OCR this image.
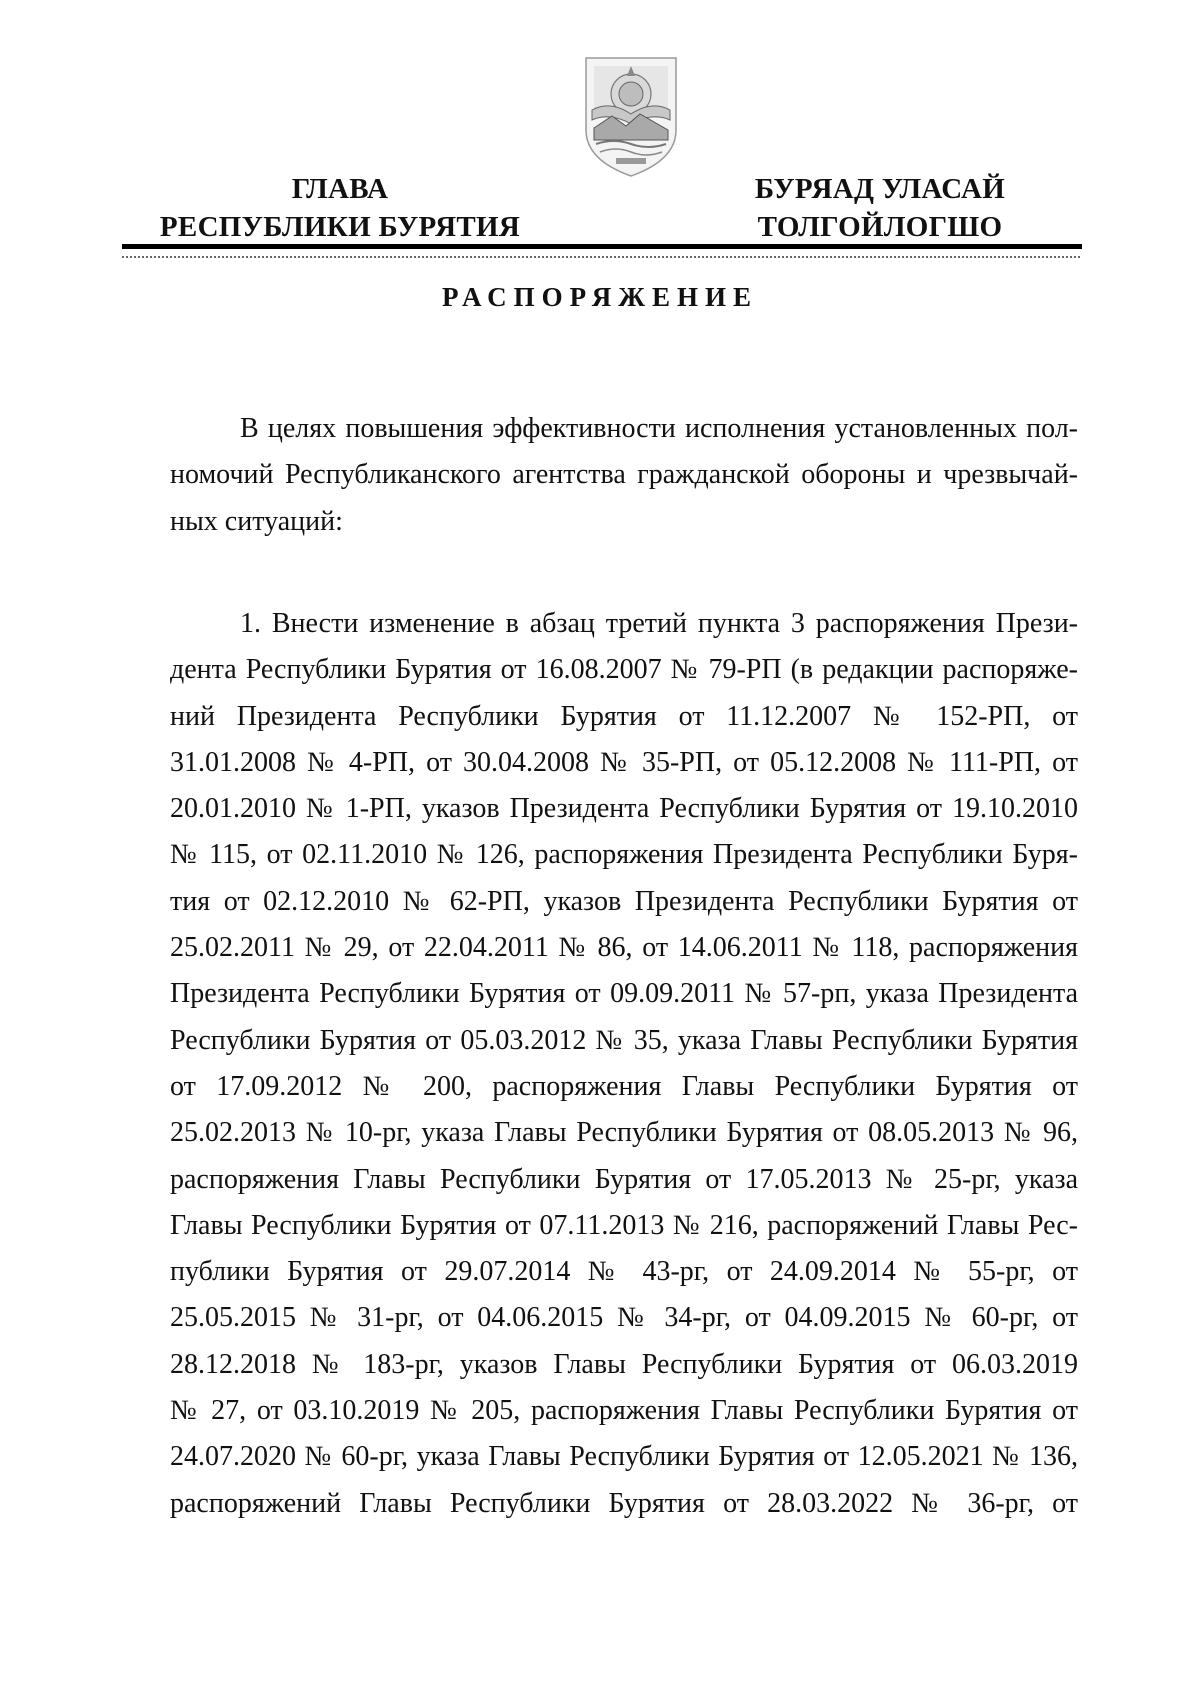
ГЛАВА
РЕСПУБЛИКИ БУРЯТИЯ
БУРЯАД УЛАСАЙ
ТОЛГОЙЛОГШО
РАСПОРЯЖЕНИЕ
В целях повышения эффективности исполнения установленных пол-
номочий Республиканского агентства гражданской обороны и чрезвычай-
ных ситуаций:
1. Внести изменение в абзац третий пункта 3 распоряжения Прези-
дента Республики Бурятия от 16.08.2007 № 79-РП (в редакции распоряже-
ний Президента Республики Бурятия от 11.12.2007 № 152-РП, от
31.01.2008 № 4-РП, от 30.04.2008 № 35-РП, от 05.12.2008 № 111-РП, от
20.01.2010 № 1-РП, указов Президента Республики Бурятия от 19.10.2010
№ 115, от 02.11.2010 № 126, распоряжения Президента Республики Буря-
тия от 02.12.2010 № 62-РП, указов Президента Республики Бурятия от
25.02.2011 № 29, от 22.04.2011 № 86, от 14.06.2011 № 118, распоряжения
Президента Республики Бурятия от 09.09.2011 № 57-рп, указа Президента
Республики Бурятия от 05.03.2012 № 35, указа Главы Республики Бурятия
от 17.09.2012 № 200, распоряжения Главы Республики Бурятия от
25.02.2013 № 10-рг, указа Главы Республики Бурятия от 08.05.2013 № 96,
распоряжения Главы Республики Бурятия от 17.05.2013 № 25-рг, указа
Главы Республики Бурятия от 07.11.2013 № 216, распоряжений Главы Рес-
публики Бурятия от 29.07.2014 № 43-рг, от 24.09.2014 № 55-рг, от
25.05.2015 № 31-рг, от 04.06.2015 № 34-рг, от 04.09.2015 № 60-рг, от
28.12.2018 № 183-рг, указов Главы Республики Бурятия от 06.03.2019
№ 27, от 03.10.2019 № 205, распоряжения Главы Республики Бурятия от
24.07.2020 № 60-рг, указа Главы Республики Бурятия от 12.05.2021 № 136,
распоряжений Главы Республики Бурятия от 28.03.2022 № 36-рг, от
